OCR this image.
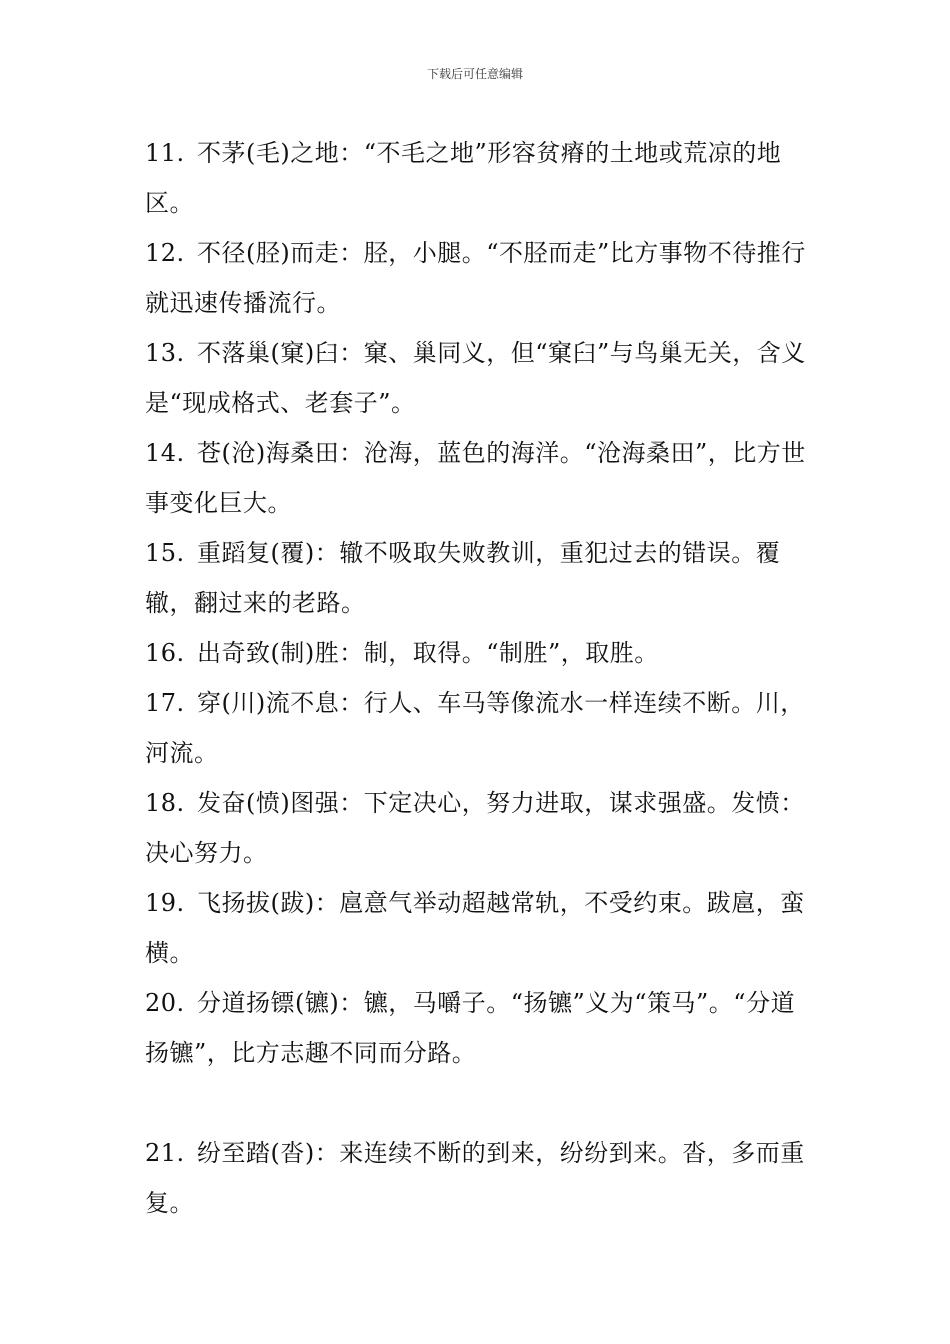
下载后可任意编辑
11. 不茅(毛)之地：“不毛之地”形容贫瘠的土地或荒凉的地区。
12. 不径(胫)而走：胫，小腿。“不胫而走”比方事物不待推行就迅速传播流行。
13. 不落巢(窠)臼：窠、巢同义，但“窠臼”与鸟巢无关，含义是“现成格式、老套子”。
14. 苍(沧)海桑田：沧海，蓝色的海洋。“沧海桑田”，比方世事变化巨大。
15. 重蹈复(覆)：辙不吸取失败教训，重犯过去的错误。覆辙，翻过来的老路。
16. 出奇致(制)胜：制，取得。“制胜”，取胜。
17. 穿(川)流不息：行人、车马等像流水一样连续不断。川，河流。
18. 发奋(愤)图强：下定决心，努力进取，谋求强盛。发愤：决心努力。
19. 飞扬拔(跋)：扈意气举动超越常轨，不受约束。跋扈，蛮横。
20. 分道扬镖(镳)：镳，马嚼子。“扬镳”义为“策马”。“分道扬镳”，比方志趣不同而分路。
21. 纷至踏(沓)：来连续不断的到来，纷纷到来。沓，多而重复。
